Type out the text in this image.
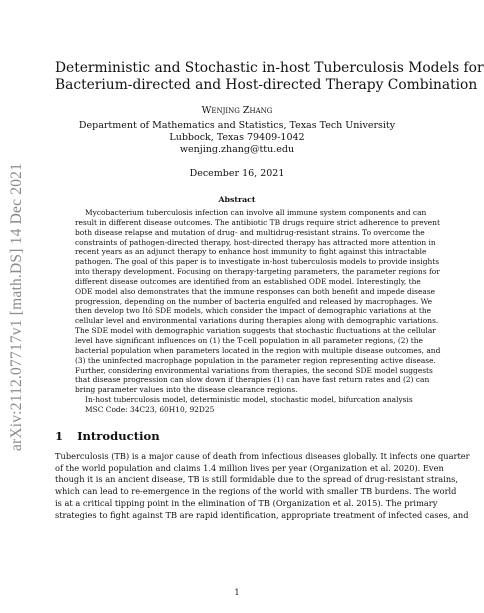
arXiv:2112.07717v1 [math.DS] 14 Dec 2021
Deterministic and Stochastic in-host Tuberculosis Models for
Bacterium-directed and Host-directed Therapy Combination
Wenjing Zhang
Department of Mathematics and Statistics, Texas Tech University
Lubbock, Texas 79409-1042
wenjing.zhang@ttu.edu
December 16, 2021
Abstract
Mycobacterium tuberculosis infection can involve all immune system components and can
result in different disease outcomes. The antibiotic TB drugs require strict adherence to prevent
both disease relapse and mutation of drug- and multidrug-resistant strains. To overcome the
constraints of pathogen-directed therapy, host-directed therapy has attracted more attention in
recent years as an adjunct therapy to enhance host immunity to fight against this intractable
pathogen. The goal of this paper is to investigate in-host tuberculosis models to provide insights
into therapy development. Focusing on therapy-targeting parameters, the parameter regions for
different disease outcomes are identified from an established ODE model. Interestingly, the
ODE model also demonstrates that the immune responses can both benefit and impede disease
progression, depending on the number of bacteria engulfed and released by macrophages. We
then develop two Itô SDE models, which consider the impact of demographic variations at the
cellular level and environmental variations during therapies along with demographic variations.
The SDE model with demographic variation suggests that stochastic fluctuations at the cellular
level have significant influences on (1) the T-cell population in all parameter regions, (2) the
bacterial population when parameters located in the region with multiple disease outcomes, and
(3) the uninfected macrophage population in the parameter region representing active disease.
Further, considering environmental variations from therapies, the second SDE model suggests
that disease progression can slow down if therapies (1) can have fast return rates and (2) can
bring parameter values into the disease clearance regions.
In-host tuberculosis model, deterministic model, stochastic model, bifurcation analysis
MSC Code: 34C23, 60H10, 92D25
1 Introduction
Tuberculosis (TB) is a major cause of death from infectious diseases globally. It infects one quarter
of the world population and claims 1.4 million lives per year (Organization et al. 2020). Even
though it is an ancient disease, TB is still formidable due to the spread of drug-resistant strains,
which can lead to re-emergence in the regions of the world with smaller TB burdens. The world
is at a critical tipping point in the elimination of TB (Organization et al. 2015). The primary
strategies to fight against TB are rapid identification, appropriate treatment of infected cases, and
1
